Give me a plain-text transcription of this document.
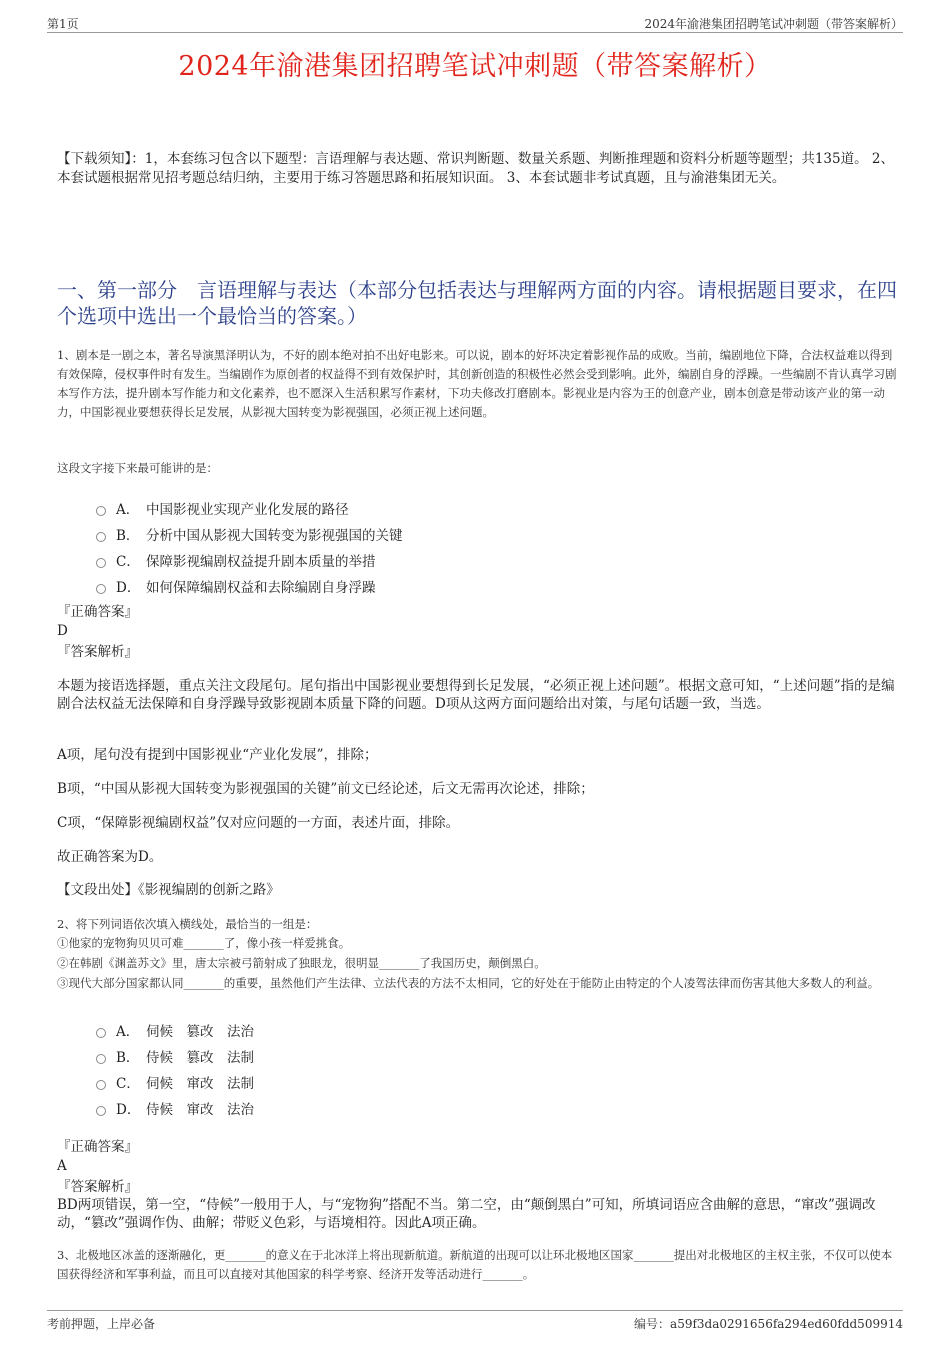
第1页	2024年渝港集团招聘笔试冲刺题（带答案解析）
2024年渝港集团招聘笔试冲刺题（带答案解析）
【下载须知】：1，本套练习包含以下题型：言语理解与表达题、常识判断题、数量关系题、判断推理题和资料分析题等题型；共135道。 2、本套试题根据常见招考题总结归纳，主要用于练习答题思路和拓展知识面。 3、本套试题非考试真题，且与渝港集团无关。
一、第一部分　言语理解与表达（本部分包括表达与理解两方面的内容。请根据题目要求，在四个选项中选出一个最恰当的答案。）
1、剧本是一剧之本，著名导演黑泽明认为，不好的剧本绝对拍不出好电影来。可以说，剧本的好坏决定着影视作品的成败。当前，编剧地位下降，合法权益难以得到有效保障，侵权事件时有发生。当编剧作为原创者的权益得不到有效保护时，其创新创造的积极性必然会受到影响。此外，编剧自身的浮躁。一些编剧不肯认真学习剧本写作方法，提升剧本写作能力和文化素养，也不愿深入生活积累写作素材，下功夫修改打磨剧本。影视业是内容为王的创意产业，剧本创意是带动该产业的第一动力，中国影视业要想获得长足发展，从影视大国转变为影视强国，必须正视上述问题。
这段文字接下来最可能讲的是：
A． 中国影视业实现产业化发展的路径
B． 分析中国从影视大国转变为影视强国的关键
C． 保障影视编剧权益提升剧本质量的举措
D． 如何保障编剧权益和去除编剧自身浮躁
『正确答案』
D
『答案解析』
本题为接语选择题，重点关注文段尾句。尾句指出中国影视业要想得到长足发展，“必须正视上述问题”。根据文意可知，“上述问题”指的是编剧合法权益无法保障和自身浮躁导致影视剧本质量下降的问题。D项从这两方面问题给出对策，与尾句话题一致，当选。
A项，尾句没有提到中国影视业“产业化发展”，排除；
B项，“中国从影视大国转变为影视强国的关键”前文已经论述，后文无需再次论述，排除；
C项，“保障影视编剧权益”仅对应问题的一方面，表述片面，排除。
故正确答案为D。
【文段出处】《影视编剧的创新之路》
2、将下列词语依次填入横线处，最恰当的一组是：
①他家的宠物狗贝贝可难_______了，像小孩一样爱挑食。
②在韩剧《渊盖苏文》里，唐太宗被弓箭射成了独眼龙，很明显_______了我国历史，颠倒黑白。
③现代大部分国家都认同_______的重要，虽然他们产生法律、立法代表的方法不太相同，它的好处在于能防止由特定的个人凌驾法律而伤害其他大多数人的利益。
A． 伺候　篡改　法治
B． 侍候　篡改　法制
C． 伺候　窜改　法制
D． 侍候　窜改　法治
『正确答案』
A
『答案解析』
BD两项错误，第一空，“侍候”一般用于人，与“宠物狗”搭配不当。第二空，由“颠倒黑白”可知，所填词语应含曲解的意思，“窜改”强调改动，“篡改”强调作伪、曲解；带贬义色彩，与语境相符。因此A项正确。
3、北极地区冰盖的逐渐融化，更_______的意义在于北冰洋上将出现新航道。新航道的出现可以让环北极地区国家_______提出对北极地区的主权主张，不仅可以使本国获得经济和军事利益，而且可以直接对其他国家的科学考察、经济开发等活动进行_______。
考前押题，上岸必备	编号：a59f3da0291656fa294ed60fdd509914
